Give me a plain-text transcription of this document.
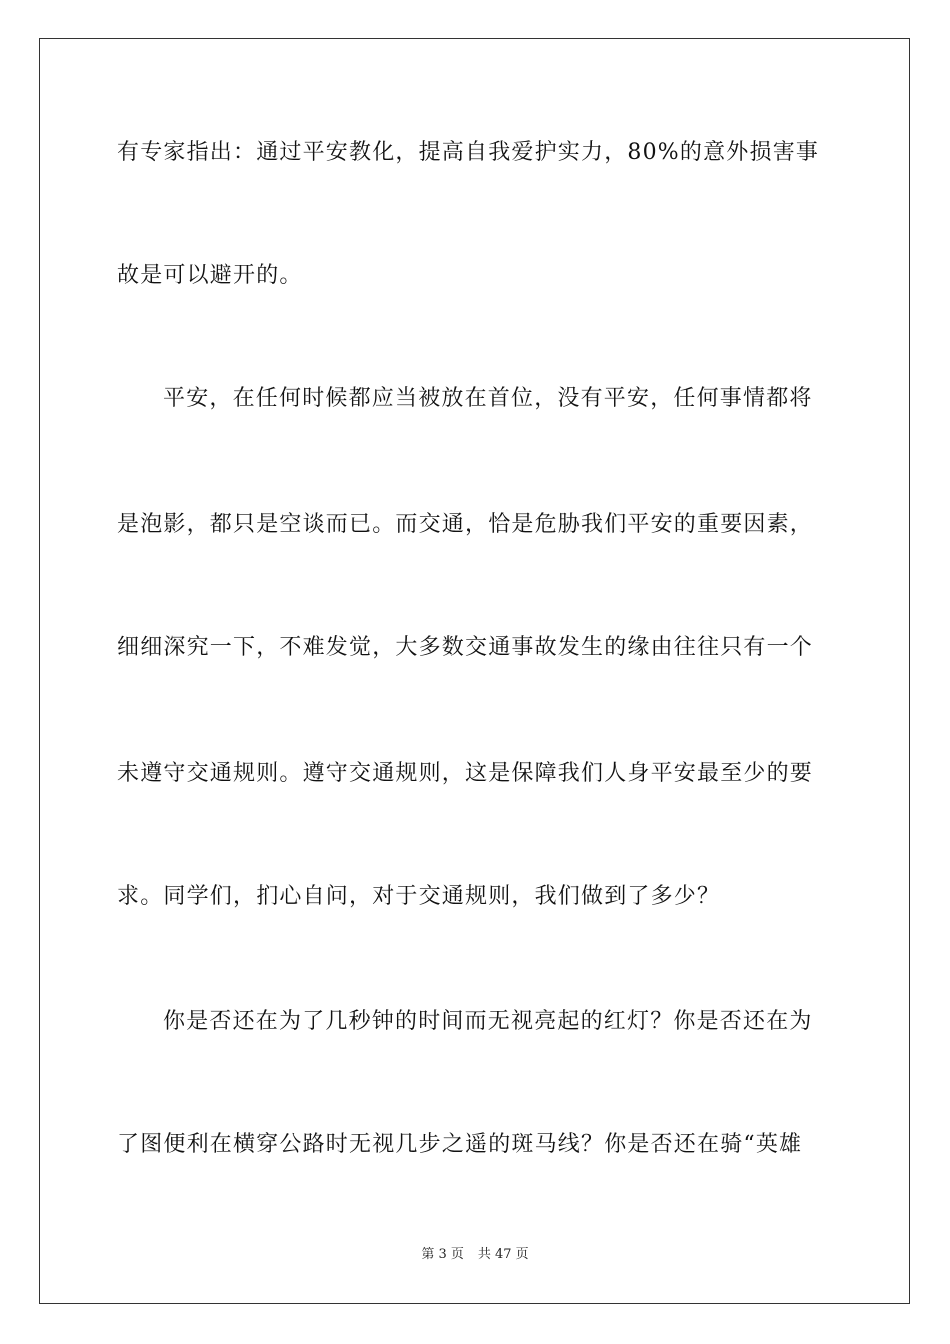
有专家指出：通过平安教化，提高自我爱护实力，80%的意外损害事
故是可以避开的。
平安，在任何时候都应当被放在首位，没有平安，任何事情都将
是泡影，都只是空谈而已。而交通，恰是危胁我们平安的重要因素，
细细深究一下，不难发觉，大多数交通事故发生的缘由往往只有一个
未遵守交通规则。遵守交通规则，这是保障我们人身平安最至少的要
求。同学们，扪心自问，对于交通规则，我们做到了多少？
你是否还在为了几秒钟的时间而无视亮起的红灯？你是否还在为
了图便利在横穿公路时无视几步之遥的斑马线？你是否还在骑“英雄
第 3 页 共 47 页
